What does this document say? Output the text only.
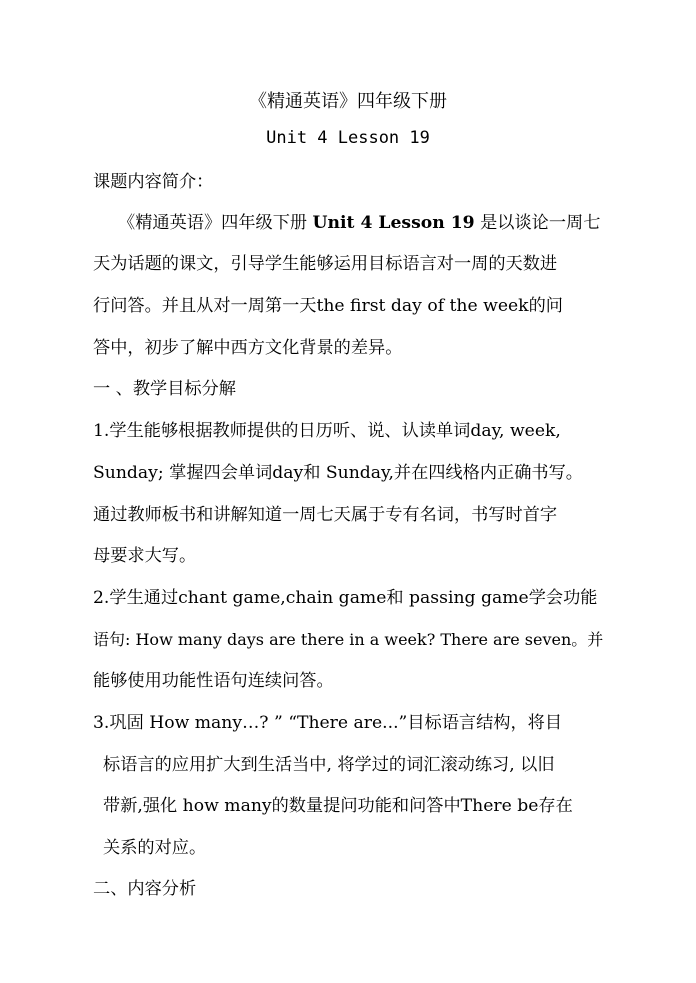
《精通英语》四年级下册
Unit 4 Lesson 19
课题内容简介：
《精通英语》四年级下册 Unit 4 Lesson 19 是以谈论一周七
天为话题的课文，引导学生能够运用目标语言对一周的天数进
行问答。并且从对一周第一天the first day of the week的问
答中，初步了解中西方文化背景的差异。
一 、教学目标分解
1.学生能够根据教师提供的日历听、说、认读单词day, week,
Sunday; 掌握四会单词day和 Sunday,并在四线格内正确书写。
通过教师板书和讲解知道一周七天属于专有名词，书写时首字
母要求大写。
2.学生通过chant game,chain game和 passing game学会功能
语句: How many days are there in a week? There are seven。并
能够使用功能性语句连续问答。
3.巩固 How many…? ” “There are...”目标语言结构，将目
标语言的应用扩大到生活当中, 将学过的词汇滚动练习, 以旧
带新,强化 how many的数量提问功能和问答中There be存在
关系的对应。
二、内容分析
